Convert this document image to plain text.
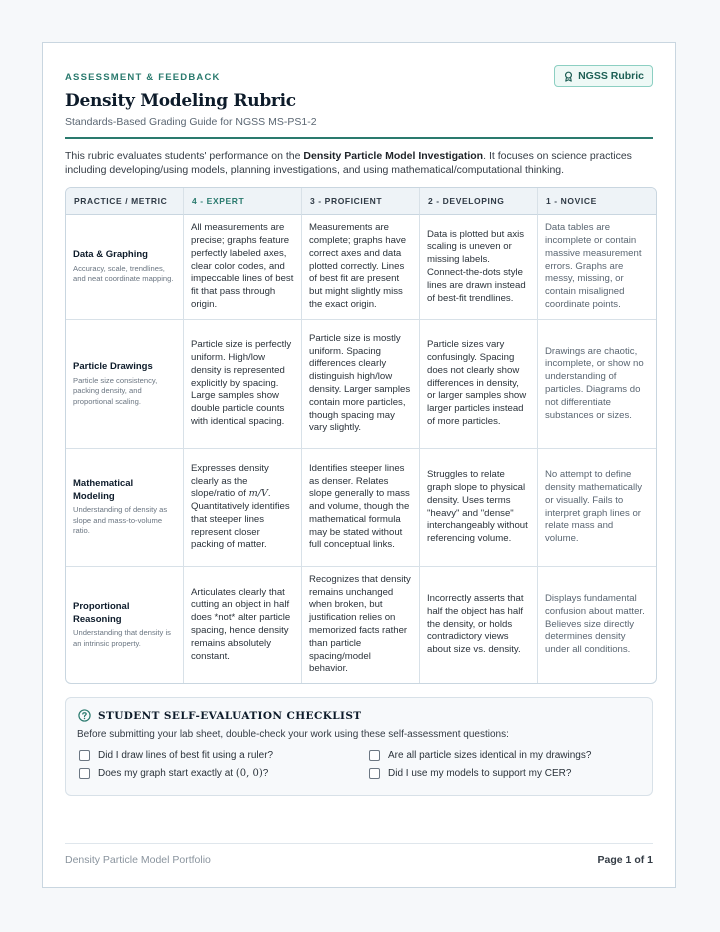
ASSESSMENT & FEEDBACK	NGSS Rubric
Density Modeling Rubric
Standards-Based Grading Guide for NGSS MS-PS1-2
This rubric evaluates students' performance on the Density Particle Model Investigation. It focuses on science practices including developing/using models, planning investigations, and using mathematical/computational thinking.
PRACTICE / METRIC	4 - EXPERT	3 - PROFICIENT	2 - DEVELOPING	1 - NOVICE

Data & Graphing
Accuracy, scale, trendlines, and neat coordinate mapping.	All measurements are precise; graphs feature perfectly labeled axes, clear color codes, and impeccable lines of best fit that pass through origin.	Measurements are complete; graphs have correct axes and data plotted correctly. Lines of best fit are present but might slightly miss the exact origin.	Data is plotted but axis scaling is uneven or missing labels. Connect-the-dots style lines are drawn instead of best-fit trendlines.	Data tables are incomplete or contain massive measurement errors. Graphs are messy, missing, or contain misaligned coordinate points.

Particle Drawings
Particle size consistency, packing density, and proportional scaling.	Particle size is perfectly uniform. High/low density is represented explicitly by spacing. Large samples show double particle counts with identical spacing.	Particle size is mostly uniform. Spacing differences clearly distinguish high/low density. Larger samples contain more particles, though spacing may vary slightly.	Particle sizes vary confusingly. Spacing does not clearly show differences in density, or larger samples show larger particles instead of more particles.	Drawings are chaotic, incomplete, or show no understanding of particles. Diagrams do not differentiate substances or sizes.

Mathematical Modeling
Understanding of density as slope and mass-to-volume ratio.	Expresses density clearly as the slope/ratio of m/V. Quantitatively identifies that steeper lines represent closer packing of matter.	Identifies steeper lines as denser. Relates slope generally to mass and volume, though the mathematical formula may be stated without full conceptual links.	Struggles to relate graph slope to physical density. Uses terms "heavy" and "dense" interchangeably without referencing volume.	No attempt to define density mathematically or visually. Fails to interpret graph lines or relate mass and volume.

Proportional Reasoning
Understanding that density is an intrinsic property.	Articulates clearly that cutting an object in half does *not* alter particle spacing, hence density remains absolutely constant.	Recognizes that density remains unchanged when broken, but justification relies on memorized facts rather than particle spacing/model behavior.	Incorrectly asserts that half the object has half the density, or holds contradictory views about size vs. density.	Displays fundamental confusion about matter. Believes size directly determines density under all conditions.
STUDENT SELF-EVALUATION CHECKLIST
Before submitting your lab sheet, double-check your work using these self-assessment questions:
Did I draw lines of best fit using a ruler?	Are all particle sizes identical in my drawings?
Does my graph start exactly at (0, 0)?	Did I use my models to support my CER?
Density Particle Model Portfolio	Page 1 of 1
